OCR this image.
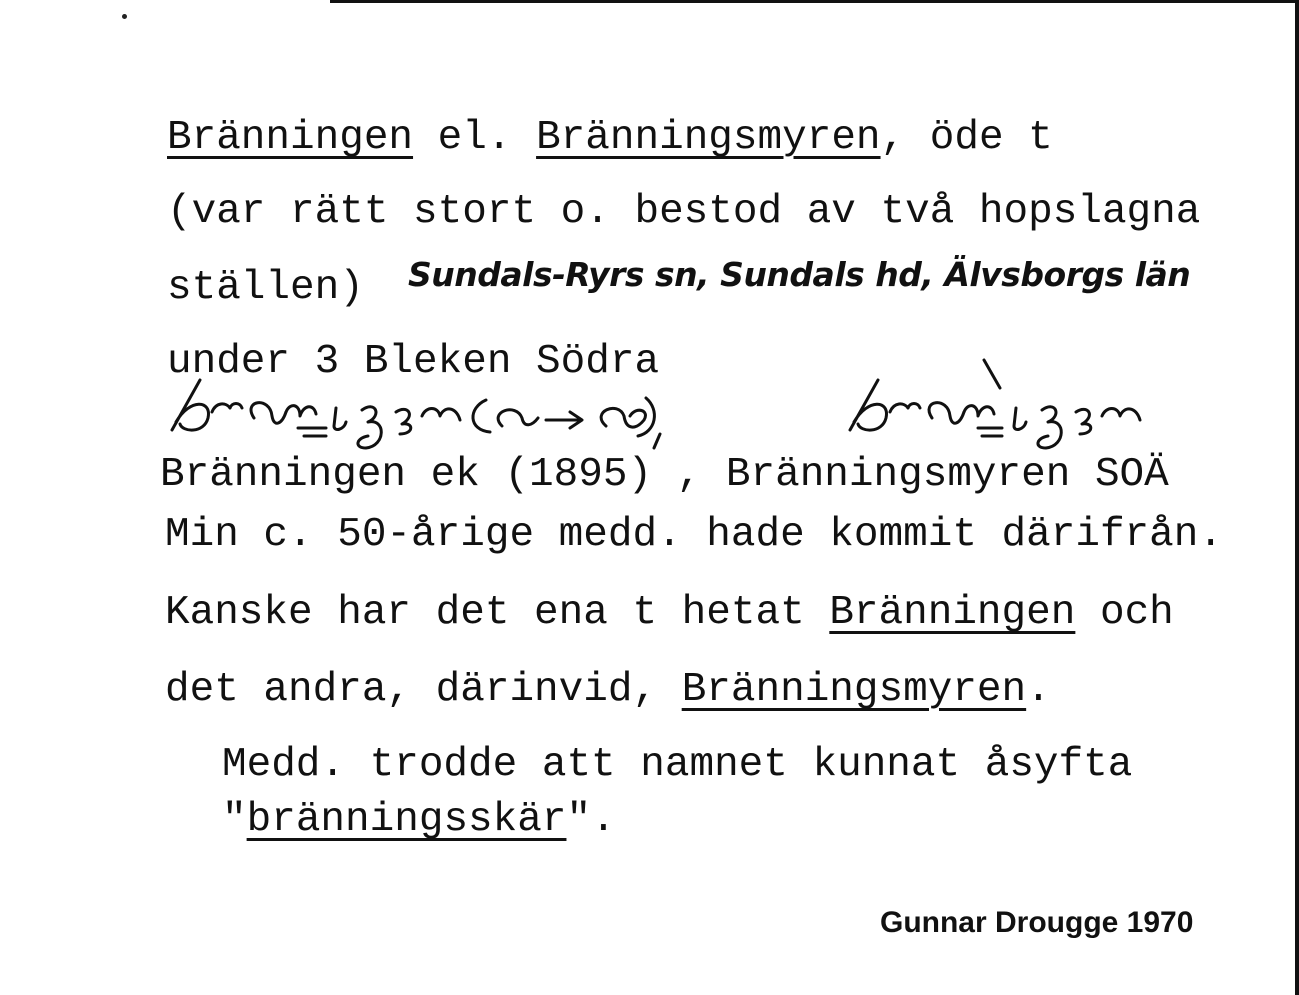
Bränningen el. Bränningsmyren, öde t
(var rätt stort o. bestod av två hopslagna
ställen) Sundals-Ryrs sn, Sundals hd, Älvsborgs län
under 3 Bleken Södra
Bränningen ek (1895) , Bränningsmyren SOÄ
Min c. 50-årige medd. hade kommit därifrån.
Kanske har det ena t hetat Bränningen och
det andra, därinvid, Bränningsmyren.
Medd. trodde att namnet kunnat åsyfta
"bränningsskär".
Gunnar Drougge 1970
